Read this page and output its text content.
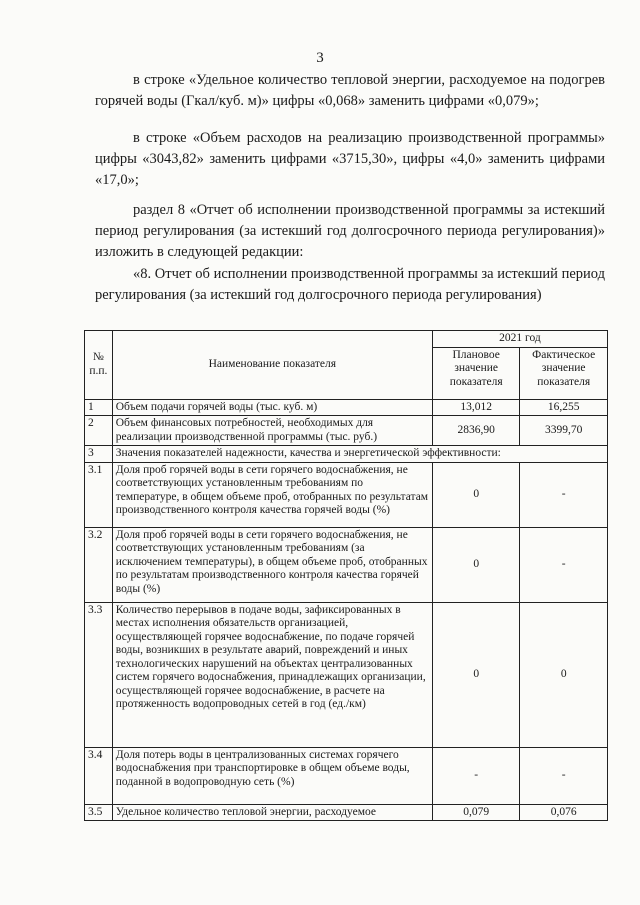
3
в строке «Удельное количество тепловой энергии, расходуемое на подогрев горячей воды (Гкал/куб. м)» цифры «0,068» заменить цифрами «0,079»;
в строке «Объем расходов на реализацию производственной программы» цифры «3043,82» заменить цифрами «3715,30», цифры «4,0» заменить цифрами «17,0»;
раздел 8 «Отчет об исполнении производственной программы за истекший период регулирования (за истекший год долгосрочного периода регулирования)» изложить в следующей редакции:
«8. Отчет об исполнении производственной программы за истекший период регулирования (за истекший год долгосрочного периода регулирования)
№ п.п.	Наименование показателя	2021 год	
		Плановое значение показателя	Фактическое значение показателя
1	Объем подачи горячей воды (тыс. куб. м)	13,012	16,255
2	Объем финансовых потребностей, необходимых для реализации производственной программы (тыс. руб.)	2836,90	3399,70
3	Значения показателей надежности, качества и энергетической эффективности:		
3.1	Доля проб горячей воды в сети горячего водоснабжения, не соответствующих установленным требованиям по температуре, в общем объеме проб, отобранных по результатам производственного контроля качества горячей воды (%)	0	-
3.2	Доля проб горячей воды в сети горячего водоснабжения, не соответствующих установленным требованиям (за исключением температуры), в общем объеме проб, отобранных по результатам производственного контроля качества горячей воды (%)	0	-
3.3	Количество перерывов в подаче воды, зафиксированных в местах исполнения обязательств организацией, осуществляющей горячее водоснабжение, по подаче горячей воды, возникших в результате аварий, повреждений и иных технологических нарушений на объектах централизованных систем горячего водоснабжения, принадлежащих организации, осуществляющей горячее водоснабжение, в расчете на протяженность водопроводных сетей в год (ед./км)	0	0
3.4	Доля потерь воды в централизованных системах горячего водоснабжения при транспортировке в общем объеме воды, поданной в водопроводную сеть (%)	-	-
3.5	Удельное количество тепловой энергии, расходуемое	0,079	0,076
